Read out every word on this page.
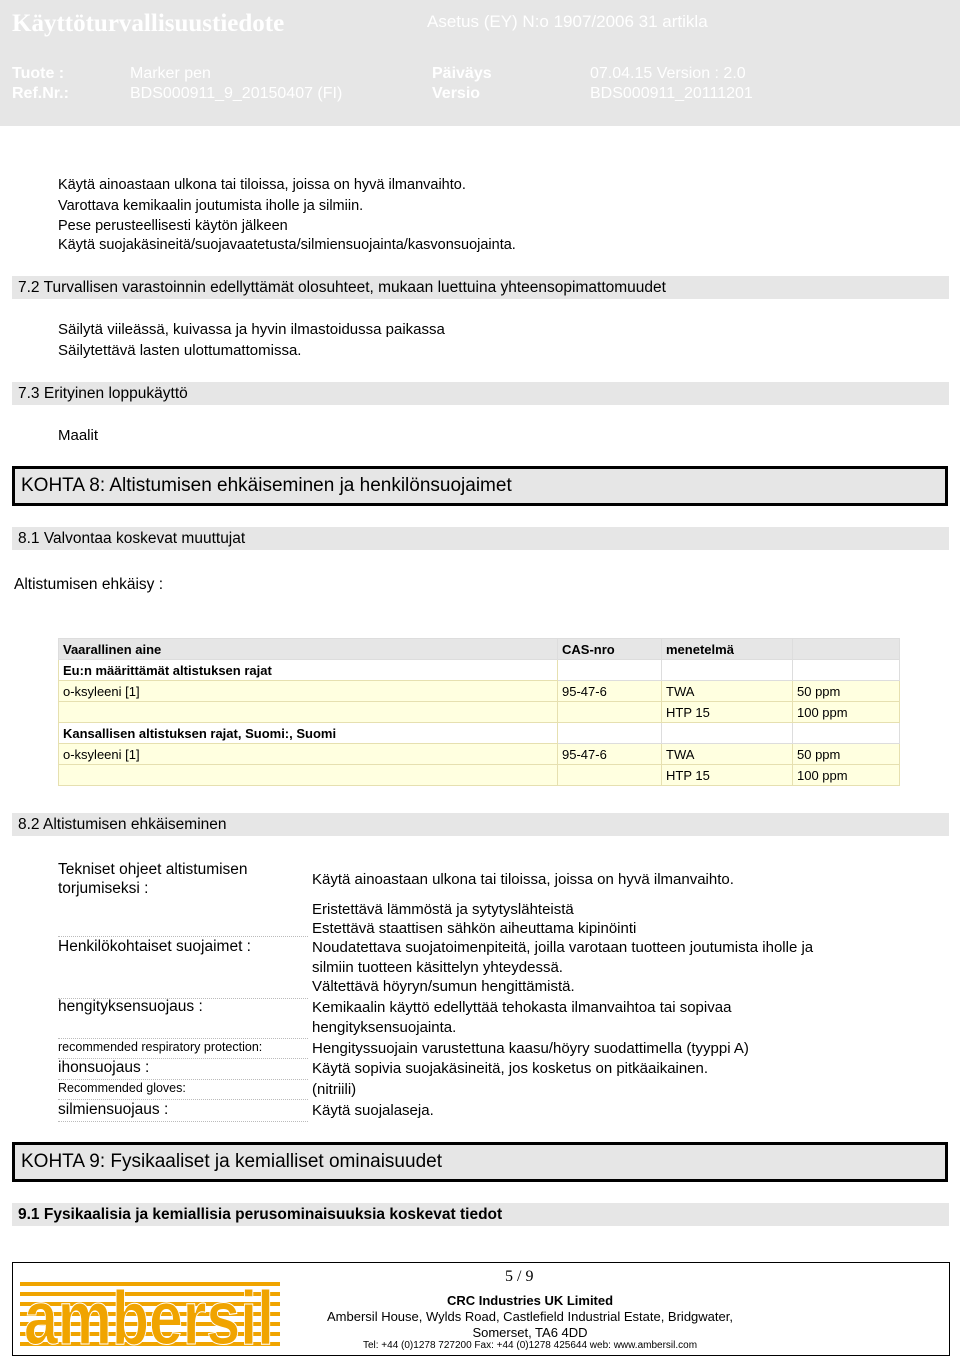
Käyttöturvallisuustiedote	Asetus (EY) N:o 1907/2006 31 artikla
Tuote :	Marker pen	Päiväys	07.04.15 Version : 2.0
Ref.Nr.:	BDS000911_9_20150407 (FI)	Versio	BDS000911_20111201
Käytä ainoastaan ulkona tai tiloissa, joissa on hyvä ilmanvaihto.
Varottava kemikaalin joutumista iholle ja silmiin.
Pese perusteellisesti käytön jälkeen
Käytä suojakäsineitä/suojavaatetusta/silmiensuojainta/kasvonsuojainta.
7.2 Turvallisen varastoinnin edellyttämät olosuhteet, mukaan luettuina yhteensopimattomuudet
Säilytä viileässä, kuivassa ja hyvin ilmastoidussa paikassa
Säilytettävä lasten ulottumattomissa.
7.3 Erityinen loppukäyttö
Maalit
KOHTA 8: Altistumisen ehkäiseminen ja henkilönsuojaimet
8.1 Valvontaa koskevat muuttujat
Altistumisen ehkäisy :
Vaarallinen aine	CAS-nro	menetelmä	
Eu:n määrittämät altistuksen rajat			
o-ksyleeni [1]	95-47-6	TWA	50 ppm
		HTP 15	100 ppm
Kansallisen altistuksen rajat, Suomi:, Suomi			
o-ksyleeni [1]	95-47-6	TWA	50 ppm
		HTP 15	100 ppm
8.2 Altistumisen ehkäiseminen
Tekniset ohjeet altistumisen torjumiseksi :
Käytä ainoastaan ulkona tai tiloissa, joissa on hyvä ilmanvaihto.
Eristettävä lämmöstä ja sytytyslähteistä
Estettävä staattisen sähkön aiheuttama kipinöinti
Henkilökohtaiset suojaimet :	Noudatettava suojatoimenpiteitä, joilla varotaan tuotteen joutumista iholle ja
silmiin tuotteen käsittelyn yhteydessä.
Vältettävä höyryn/sumun hengittämistä.
hengityksensuojaus :	Kemikaalin käyttö edellyttää tehokasta ilmanvaihtoa tai sopivaa
hengityksensuojainta.
recommended respiratory protection:	Hengityssuojain varustettuna kaasu/höyry suodattimella (tyyppi A)
ihonsuojaus :	Käytä sopivia suojakäsineitä, jos kosketus on pitkäaikainen.
Recommended gloves:	(nitriili)
silmiensuojaus :	Käytä suojalaseja.
KOHTA 9: Fysikaaliset ja kemialliset ominaisuudet
9.1 Fysikaalisia ja kemiallisia perusominaisuuksia koskevat tiedot
ambersil	5 / 9
CRC Industries UK Limited
Ambersil House, Wylds Road, Castlefield Industrial Estate, Bridgwater,
Somerset, TA6 4DD
Tel: +44 (0)1278 727200 Fax: +44 (0)1278 425644 web: www.ambersil.com
